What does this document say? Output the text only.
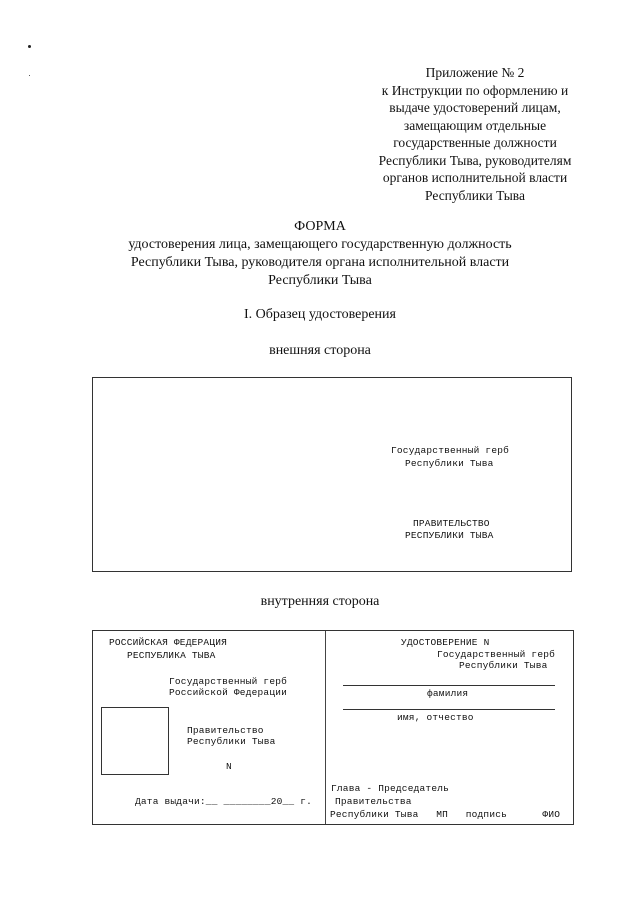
Приложение № 2
к Инструкции по оформлению и
выдаче удостоверений лицам,
замещающим отдельные
государственные должности
Республики Тыва, руководителям
органов исполнительной власти
Республики Тыва
ФОРМА
удостоверения лица, замещающего государственную должность
Республики Тыва, руководителя органа исполнительной власти
Республики Тыва
I. Образец удостоверения
внешняя сторона
Государственный герб
Республики Тыва
ПРАВИТЕЛЬСТВО
РЕСПУБЛИКИ ТЫВА
внутренняя сторона
РОССИЙСКАЯ ФЕДЕРАЦИЯ
РЕСПУБЛИКА ТЫВА
Государственный герб
Российской Федерации
Правительство
Республики Тыва
N
Дата выдачи:__ ________20__ г.
УДОСТОВЕРЕНИЕ N
Государственный герб
Республики Тыва
фамилия
имя, отчество
Глава - Председатель
Правительства
Республики Тыва   МП   подпись      ФИО
